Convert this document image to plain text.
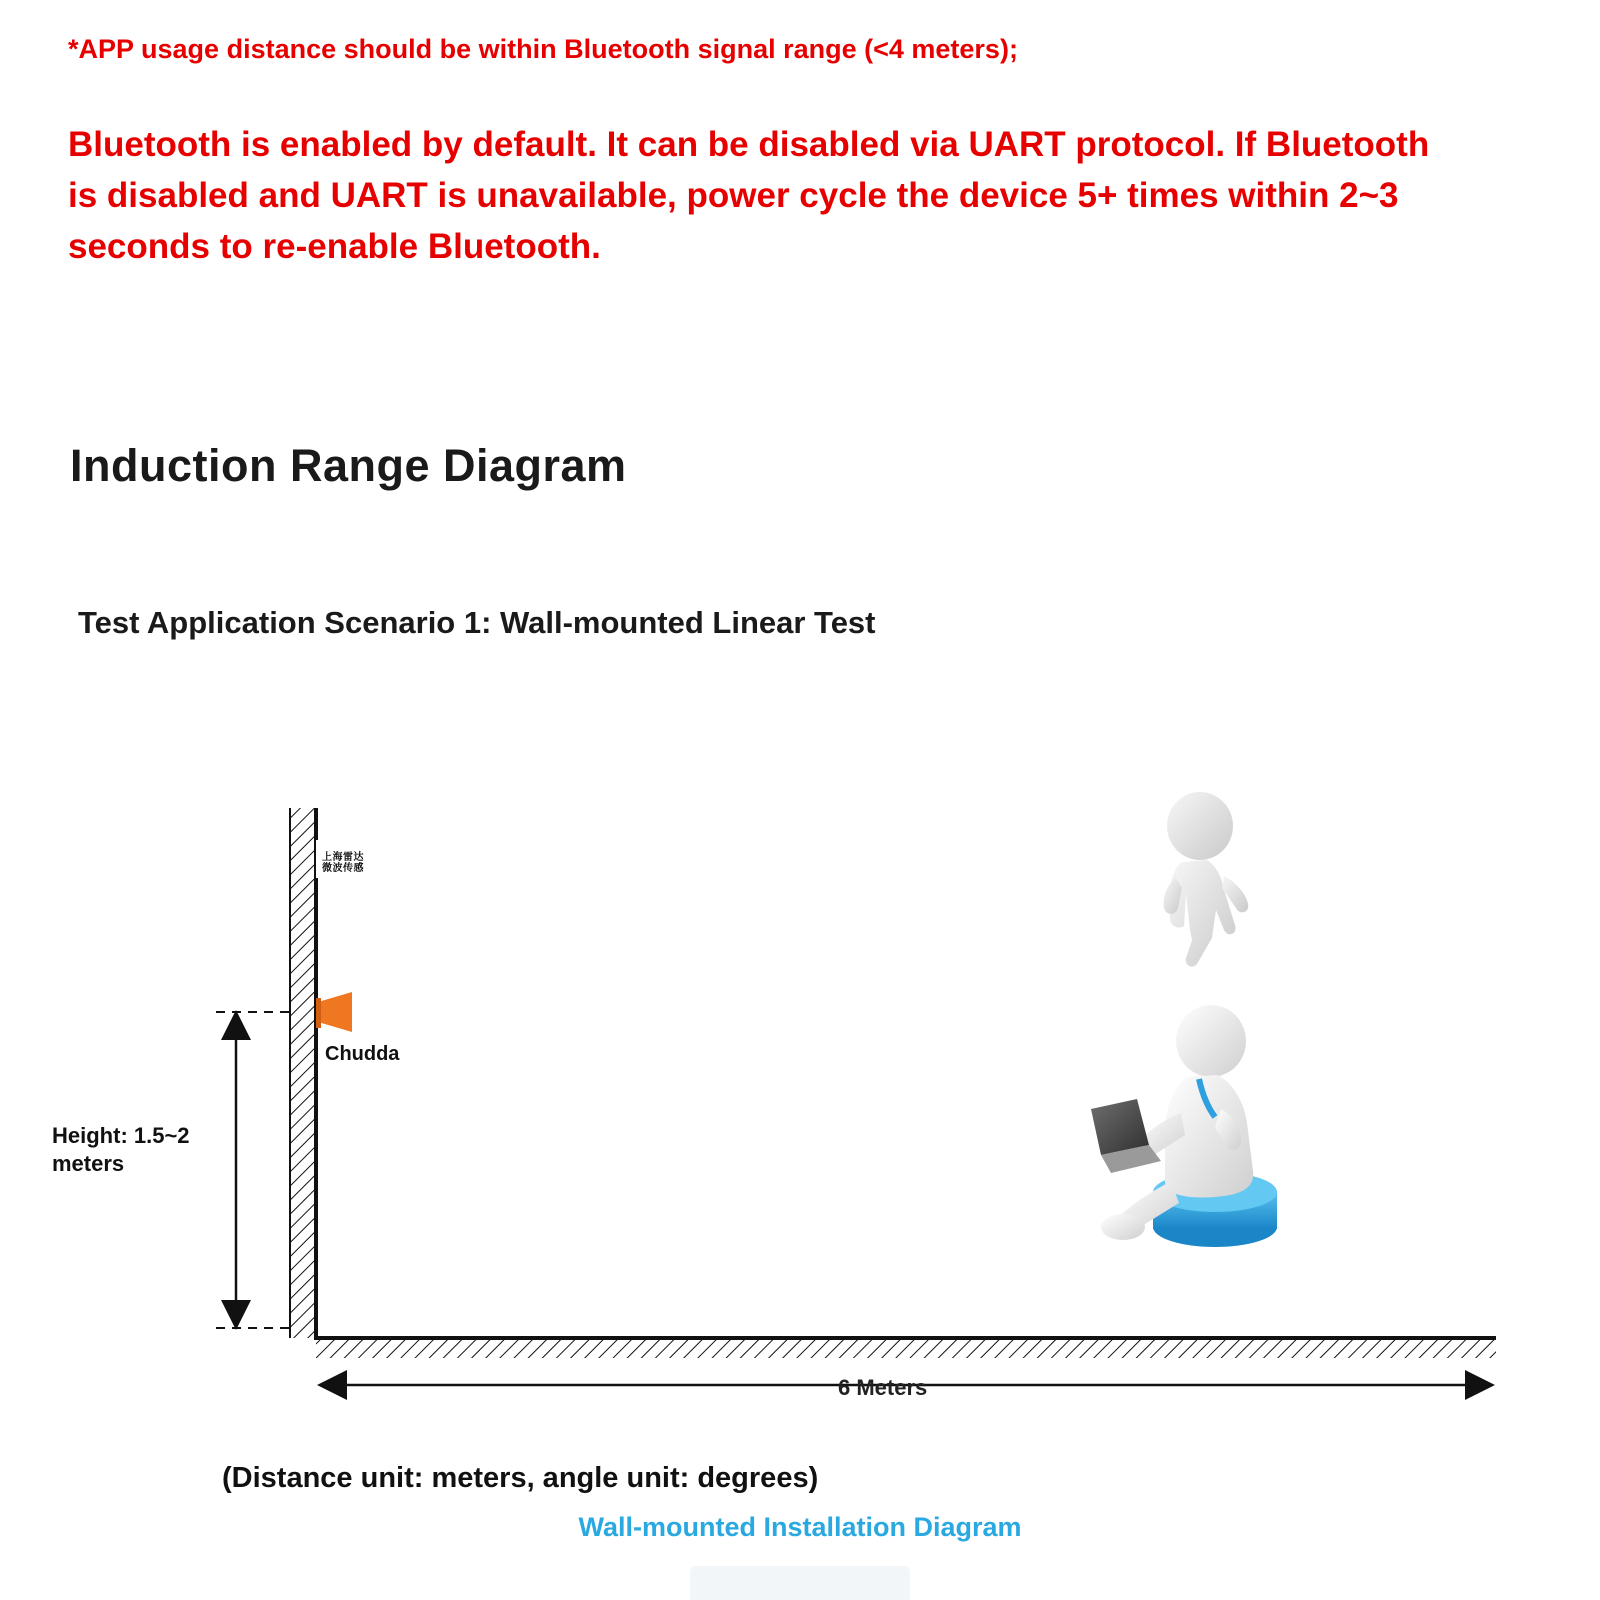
*APP usage distance should be within Bluetooth signal range (<4 meters);
Bluetooth is enabled by default. It can be disabled via UART protocol. If Bluetooth is disabled and UART is unavailable, power cycle the device 5+ times within 2~3 seconds to re-enable Bluetooth.
Induction Range Diagram
Test Application Scenario 1: Wall-mounted Linear Test
上海雷达
微波传感
Chudda
Height: 1.5~2 meters
6 Meters
(Distance unit: meters, angle unit: degrees)
Wall-mounted Installation Diagram
